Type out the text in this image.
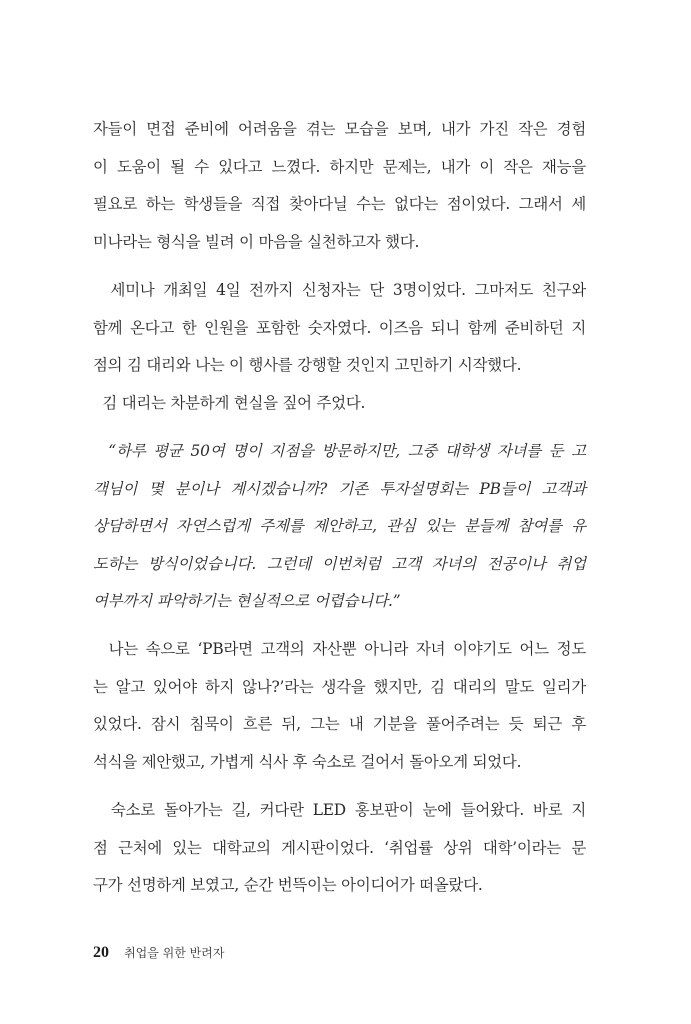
자들이 면접 준비에 어려움을 겪는 모습을 보며, 내가 가진 작은 경험
이 도움이 될 수 있다고 느꼈다. 하지만 문제는, 내가 이 작은 재능을
필요로 하는 학생들을 직접 찾아다닐 수는 없다는 점이었다. 그래서 세
미나라는 형식을 빌려 이 마음을 실천하고자 했다.
세미나 개최일 4일 전까지 신청자는 단 3명이었다. 그마저도 친구와
함께 온다고 한 인원을 포함한 숫자였다. 이즈음 되니 함께 준비하던 지
점의 김 대리와 나는 이 행사를 강행할 것인지 고민하기 시작했다.
김 대리는 차분하게 현실을 짚어 주었다.
“하루 평균 50여 명이 지점을 방문하지만, 그중 대학생 자녀를 둔 고
객님이 몇 분이나 계시겠습니까? 기존 투자설명회는 PB들이 고객과
상담하면서 자연스럽게 주제를 제안하고, 관심 있는 분들께 참여를 유
도하는 방식이었습니다. 그런데 이번처럼 고객 자녀의 전공이나 취업
여부까지 파악하기는 현실적으로 어렵습니다.”
나는 속으로 ‘PB라면 고객의 자산뿐 아니라 자녀 이야기도 어느 정도
는 알고 있어야 하지 않나?’라는 생각을 했지만, 김 대리의 말도 일리가
있었다. 잠시 침묵이 흐른 뒤, 그는 내 기분을 풀어주려는 듯 퇴근 후
석식을 제안했고, 가볍게 식사 후 숙소로 걸어서 돌아오게 되었다.
숙소로 돌아가는 길, 커다란 LED 홍보판이 눈에 들어왔다. 바로 지
점 근처에 있는 대학교의 게시판이었다. ‘취업률 상위 대학’이라는 문
구가 선명하게 보였고, 순간 번뜩이는 아이디어가 떠올랐다.
20 취업을 위한 반려자
